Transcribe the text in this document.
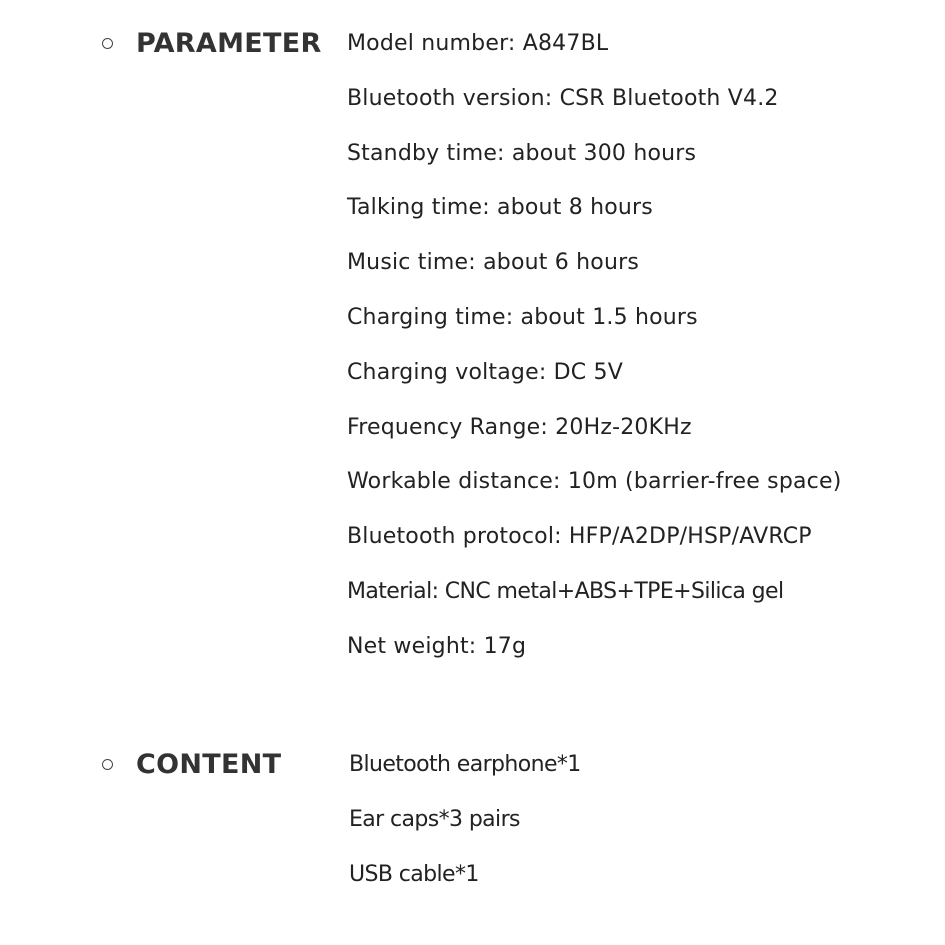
PARAMETER Model number: A847BL
Bluetooth version: CSR Bluetooth V4.2
Standby time: about 300 hours
Talking time: about 8 hours
Music time: about 6 hours
Charging time: about 1.5 hours
Charging voltage: DC 5V
Frequency Range: 20Hz-20KHz
Workable distance: 10m (barrier-free space)
Bluetooth protocol: HFP/A2DP/HSP/AVRCP
Material: CNC metal+ABS+TPE+Silica gel
Net weight: 17g
CONTENT	Bluetooth earphone*1
Ear caps*3 pairs
USB cable*1
